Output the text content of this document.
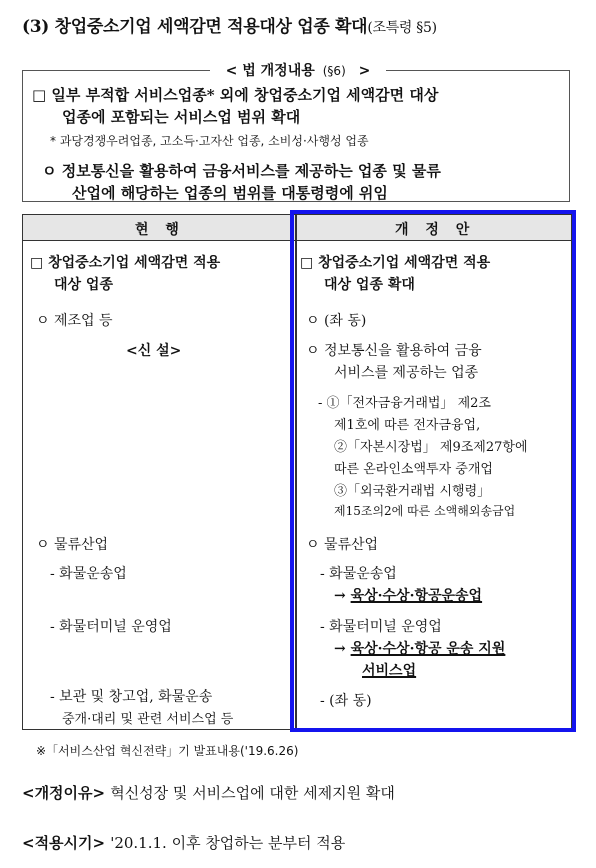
(3) 창업중소기업 세액감면 적용대상 업종 확대(조특령 §5)
< 법 개정내용 (§6) >
□ 일부 부적합 서비스업종* 외에 창업중소기업 세액감면 대상
업종에 포함되는 서비스업 범위 확대
* 과당경쟁우려업종, 고소득·고자산 업종, 소비성·사행성 업종
ㅇ 정보통신을 활용하여 금융서비스를 제공하는 업종 및 물류
산업에 해당하는 업종의 범위를 대통령령에 위임
현 행	개 정 안
□ 창업중소기업 세액감면 적용
대상 업종
ㅇ 제조업 등
<신 설>
ㅇ 물류산업
- 화물운송업
- 화물터미널 운영업
- 보관 및 창고업, 화물운송
중개·대리 및 관련 서비스업 등
□ 창업중소기업 세액감면 적용
대상 업종 확대
ㅇ (좌 동)
ㅇ 정보통신을 활용하여 금융
서비스를 제공하는 업종
- ①「전자금융거래법」 제2조
제1호에 따른 전자금융업,
②「자본시장법」 제9조제27항에
따른 온라인소액투자 중개업
③「외국환거래법 시행령」
제15조의2에 따른 소액해외송금업
ㅇ 물류산업
- 화물운송업
→ 육상·수상·항공운송업
- 화물터미널 운영업
→ 육상·수상·항공 운송 지원
서비스업
- (좌 동)
※「서비스산업 혁신전략」기 발표내용('19.6.26)
<개정이유> 혁신성장 및 서비스업에 대한 세제지원 확대
<적용시기> '20.1.1. 이후 창업하는 분부터 적용
